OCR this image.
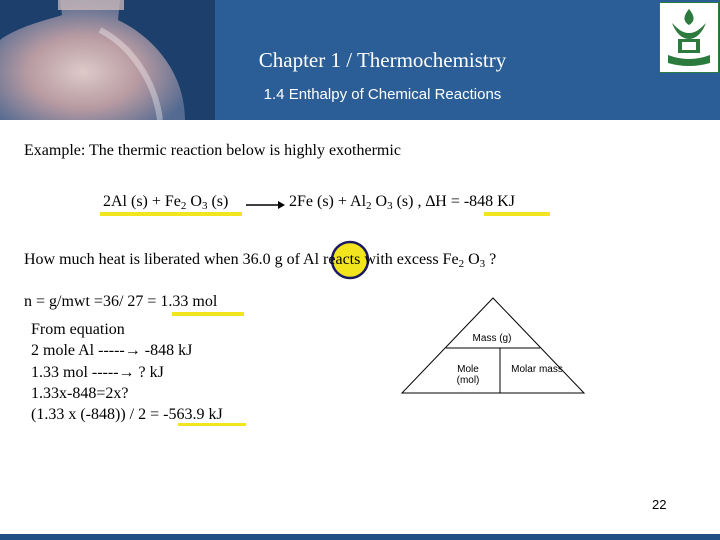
Chapter 1 / Thermochemistry
1.4 Enthalpy of Chemical Reactions
Example: The thermic reaction below is highly exothermic
2Al $(s) + Fe_2$ $O_3$ (s) → 2Fe $(s) + Al_2$ $O_3$ (s) , ∆H = -848 KJ
How much heat is liberated when 36.0 g of Al reacts with excess $Fe_2$ $O_3$ ?
n = g/mwt =36/ 27 = 1.33 mol
From equation
2 mole Al -----→ -848 kJ
1.33 mol -----→ ? kJ
1.33x-848=2x?
(1.33 x (-848)) / 2 = -563.9 kJ
Mass (g)
Mole
(mol)
Molar mass
22
